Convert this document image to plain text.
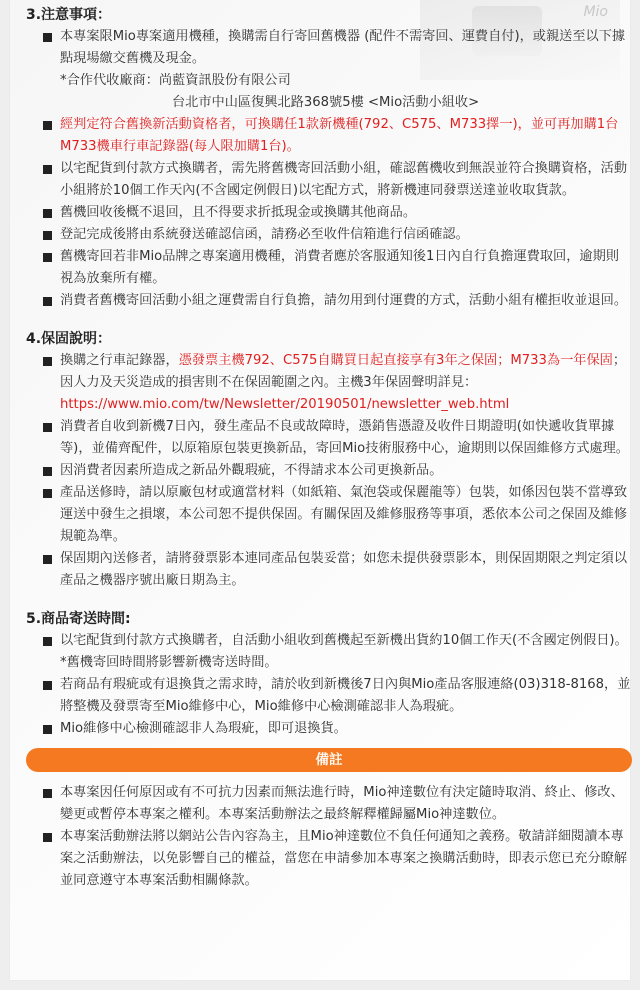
Mio
3.注意事項：
本專案限Mio專案適用機種，換購需自行寄回舊機器 (配件不需寄回、運費自付)，或親送至以下據點現場繳交舊機及現金。
*合作代收廠商：尚藍資訊股份有限公司
台北市中山區復興北路368號5樓 <Mio活動小組收>
經判定符合舊換新活動資格者，可換購任1款新機種(792、C575、M733擇一)，並可再加購1台M733機車行車記錄器(每人限加購1台)。
以宅配貨到付款方式換購者，需先將舊機寄回活動小組，確認舊機收到無誤並符合換購資格，活動小組將於10個工作天內(不含國定例假日)以宅配方式，將新機連同發票送達並收取貨款。
舊機回收後概不退回，且不得要求折抵現金或換購其他商品。
登記完成後將由系統發送確認信函，請務必至收件信箱進行信函確認。
舊機寄回若非Mio品牌之專案適用機種，消費者應於客服通知後1日內自行負擔運費取回，逾期則視為放棄所有權。
消費者舊機寄回活動小組之運費需自行負擔，請勿用到付運費的方式，活動小組有權拒收並退回。
4.保固說明：
換購之行車記錄器，憑發票主機792、C575自購買日起直接享有3年之保固；M733為一年保固；因人力及天災造成的損害則不在保固範圍之內。主機3年保固聲明詳見：
https://www.mio.com/tw/Newsletter/20190501/newsletter_web.html
消費者自收到新機7日內，發生產品不良或故障時，憑銷售憑證及收件日期證明(如快遞收貨單據等)，並備齊配件，以原箱原包裝更換新品，寄回Mio技術服務中心，逾期則以保固維修方式處理。
因消費者因素所造成之新品外觀瑕疵，不得請求本公司更換新品。
產品送修時，請以原廠包材或適當材料（如紙箱、氣泡袋或保麗龍等）包裝，如係因包裝不當導致運送中發生之損壞，本公司恕不提供保固。有關保固及維修服務等事項，悉依本公司之保固及維修規範為準。
保固期內送修者，請將發票影本連同產品包裝妥當；如您未提供發票影本，則保固期限之判定須以產品之機器序號出廠日期為主。
5.商品寄送時間:
以宅配貨到付款方式換購者，自活動小組收到舊機起至新機出貨約10個工作天(不含國定例假日)。*舊機寄回時間將影響新機寄送時間。
若商品有瑕疵或有退換貨之需求時，請於收到新機後7日內與Mio產品客服連絡(03)318-8168，並將整機及發票寄至Mio維修中心，Mio維修中心檢測確認非人為瑕疵。
Mio維修中心檢測確認非人為瑕疵，即可退換貨。
備註
本專案因任何原因或有不可抗力因素而無法進行時，Mio神達數位有決定隨時取消、終止、修改、變更或暫停本專案之權利。本專案活動辦法之最終解釋權歸屬Mio神達數位。
本專案活動辦法將以網站公告內容為主，且Mio神達數位不負任何通知之義務。敬請詳細閱讀本專案之活動辦法，以免影響自己的權益，當您在申請參加本專案之換購活動時，即表示您已充分瞭解並同意遵守本專案活動相關條款。
